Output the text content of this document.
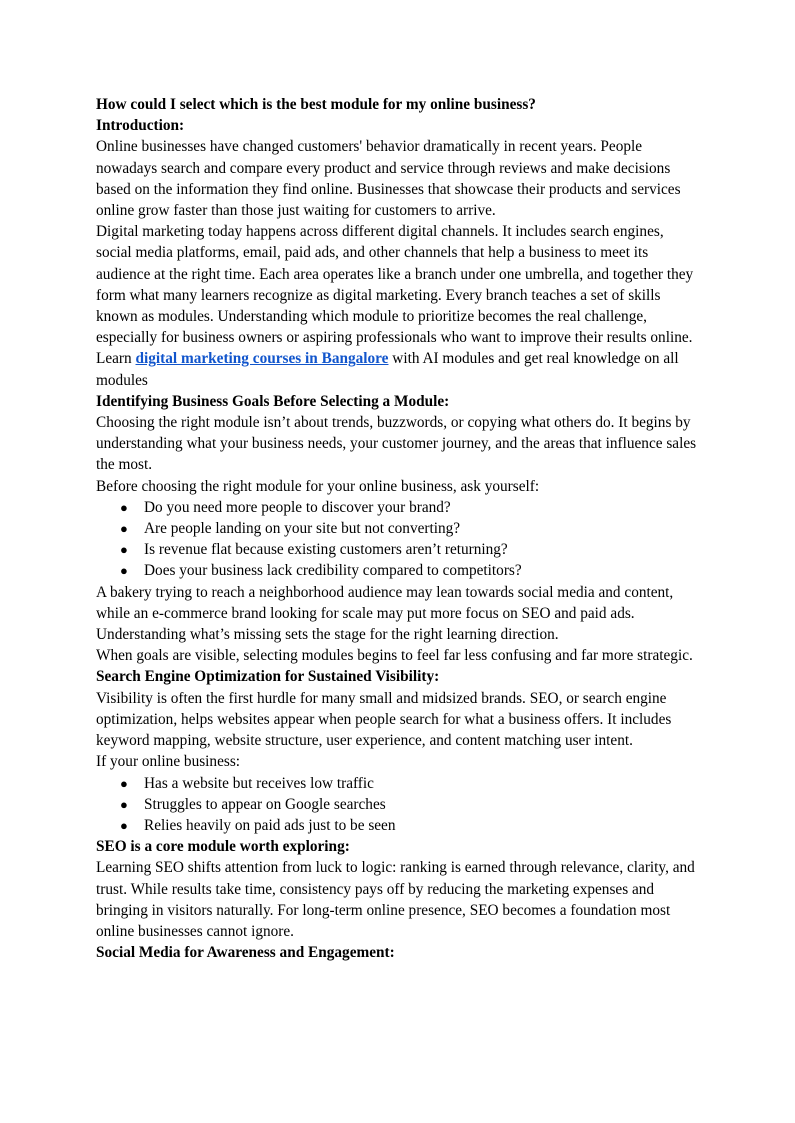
How could I select which is the best module for my online business?
Introduction:

Online businesses have changed customers' behavior dramatically in recent years. People nowadays search and compare every product and service through reviews and make decisions based on the information they find online. Businesses that showcase their products and services online grow faster than those just waiting for customers to arrive.

Digital marketing today happens across different digital channels. It includes search engines, social media platforms, email, paid ads, and other channels that help a business to meet its audience at the right time. Each area operates like a branch under one umbrella, and together they form what many learners recognize as digital marketing. Every branch teaches a set of skills known as modules. Understanding which module to prioritize becomes the real challenge, especially for business owners or aspiring professionals who want to improve their results online. Learn digital marketing courses in Bangalore with AI modules and get real knowledge on all modules

Identifying Business Goals Before Selecting a Module:

Choosing the right module isn’t about trends, buzzwords, or copying what others do. It begins by understanding what your business needs, your customer journey, and the areas that influence sales the most.

Before choosing the right module for your online business, ask yourself:

● Do you need more people to discover your brand?
● Are people landing on your site but not converting?
● Is revenue flat because existing customers aren’t returning?
● Does your business lack credibility compared to competitors?

A bakery trying to reach a neighborhood audience may lean towards social media and content, while an e-commerce brand looking for scale may put more focus on SEO and paid ads. Understanding what’s missing sets the stage for the right learning direction.

When goals are visible, selecting modules begins to feel far less confusing and far more strategic.

Search Engine Optimization for Sustained Visibility:

Visibility is often the first hurdle for many small and midsized brands. SEO, or search engine optimization, helps websites appear when people search for what a business offers. It includes keyword mapping, website structure, user experience, and content matching user intent.

If your online business:

● Has a website but receives low traffic
● Struggles to appear on Google searches
● Relies heavily on paid ads just to be seen
SEO is a core module worth exploring:

Learning SEO shifts attention from luck to logic: ranking is earned through relevance, clarity, and trust. While results take time, consistency pays off by reducing the marketing expenses and bringing in visitors naturally. For long-term online presence, SEO becomes a foundation most online businesses cannot ignore.

Social Media for Awareness and Engagement:
